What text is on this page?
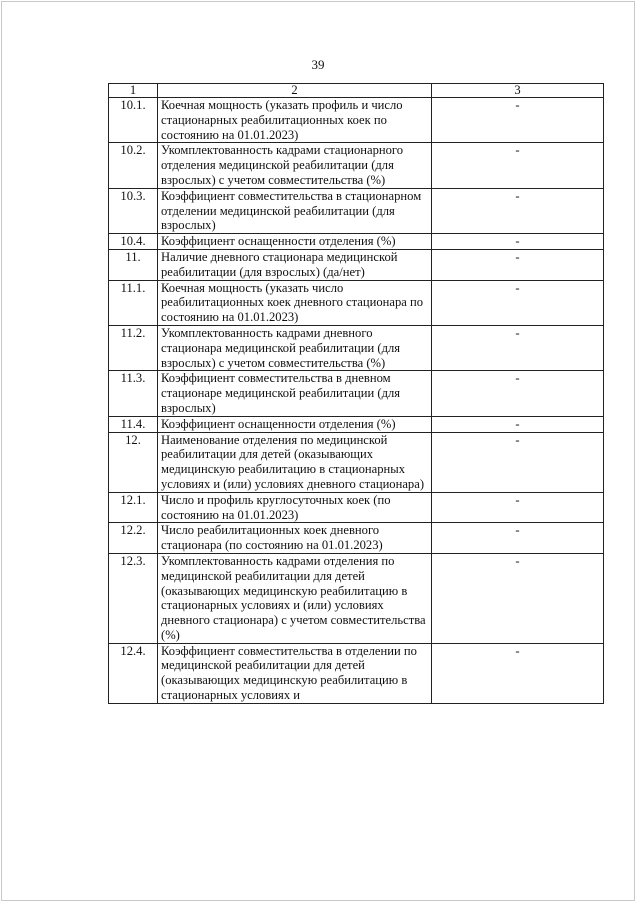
39
1	2	3
10.1.	Коечная мощность (указать профиль и число стационарных реабилитационных коек по состоянию на 01.01.2023)	-
10.2.	Укомплектованность кадрами стационарного отделения медицинской реабилитации (для взрослых) с учетом совместительства (%)	-
10.3.	Коэффициент совместительства в стационарном отделении медицинской реабилитации (для взрослых)	-
10.4.	Коэффициент оснащенности отделения (%)	-
11.	Наличие дневного стационара медицинской реабилитации (для взрослых) (да/нет)	-
11.1.	Коечная мощность (указать число реабилитационных коек дневного стационара по состоянию на 01.01.2023)	-
11.2.	Укомплектованность кадрами дневного стационара медицинской реабилитации (для взрослых) с учетом совместительства (%)	-
11.3.	Коэффициент совместительства в дневном стационаре медицинской реабилитации (для взрослых)	-
11.4.	Коэффициент оснащенности отделения (%)	-
12.	Наименование отделения по медицинской реабилитации для детей (оказывающих медицинскую реабилитацию в стационарных условиях и (или) условиях дневного стационара)	-
12.1.	Число и профиль круглосуточных коек (по состоянию на 01.01.2023)	-
12.2.	Число реабилитационных коек дневного стационара (по состоянию на 01.01.2023)	-
12.3.	Укомплектованность кадрами отделения по медицинской реабилитации для детей (оказывающих медицинскую реабилитацию в стационарных условиях и (или) условиях дневного стационара) с учетом совместительства (%)	-
12.4.	Коэффициент совместительства в отделении по медицинской реабилитации для детей (оказывающих медицинскую реабилитацию в стационарных условиях и	-
